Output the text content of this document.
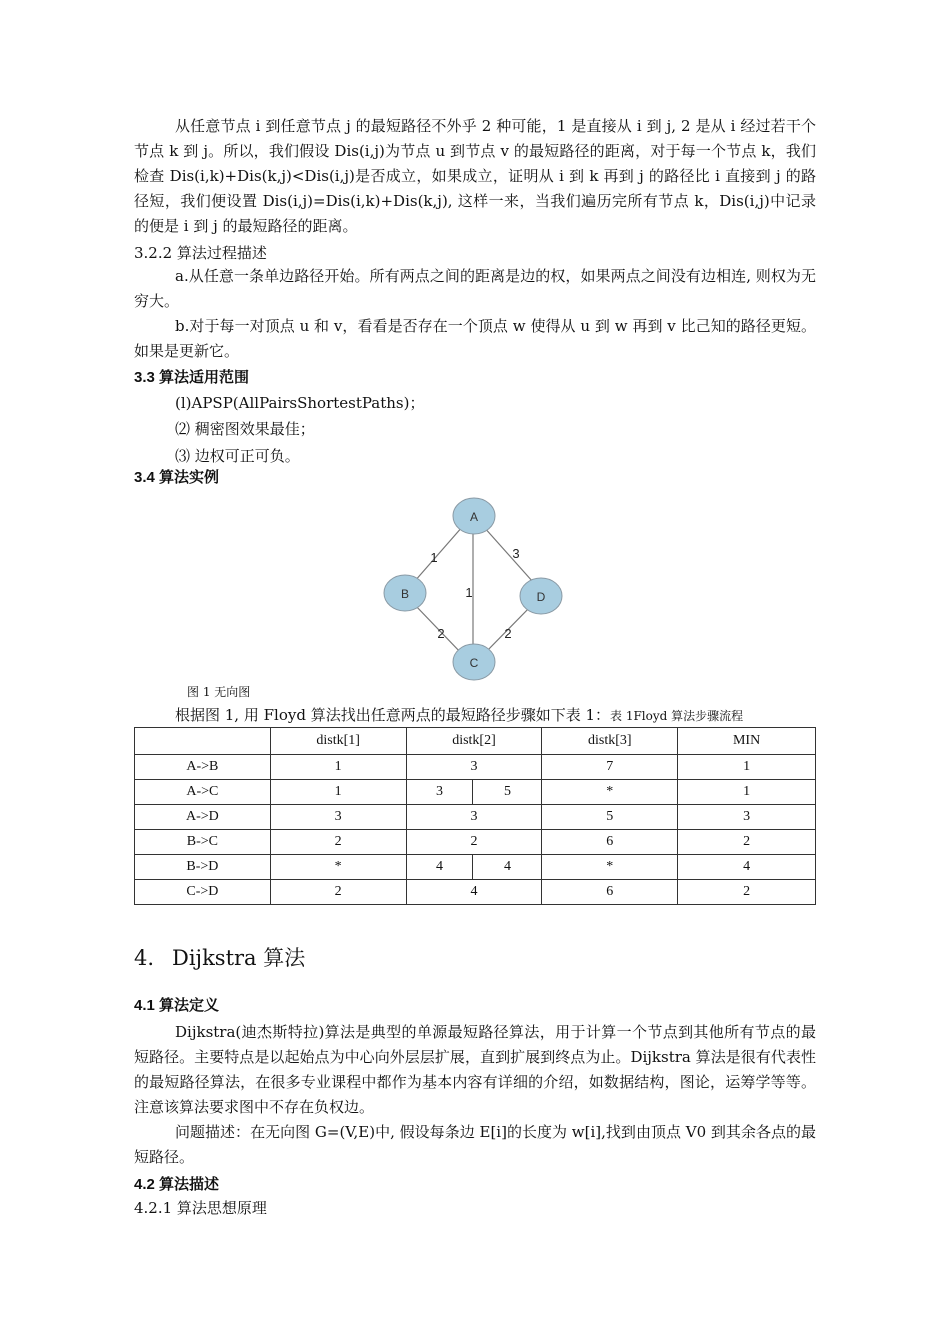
从任意节点 i 到任意节点 j 的最短路径不外乎 2 种可能，1 是直接从 i 到 j, 2 是从 i 经过若干个节点 k 到 j。所以，我们假设 Dis(i,j)为节点 u 到节点 v 的最短路径的距离，对于每一个节点 k，我们检查 Dis(i,k)+Dis(k,j)<Dis(i,j)是否成立，如果成立，证明从 i 到 k 再到 j 的路径比 i 直接到 j 的路径短，我们便设置 Dis(i,j)=Dis(i,k)+Dis(k,j), 这样一来，当我们遍历完所有节点 k，Dis(i,j)中记录的便是 i 到 j 的最短路径的距离。

3.2.2 算法过程描述

a.从任意一条单边路径开始。所有两点之间的距离是边的权，如果两点之间没有边相连, 则权为无穷大。

b.对于每一对顶点 u 和 v，看看是否存在一个顶点 w 使得从 u 到 w 再到 v 比己知的路径更短。如果是更新它。

3.3 算法适用范围

(l)APSP(AllPairsShortestPaths)；

⑵ 稠密图效果最佳；

⑶ 边权可正可负。

3.4 算法实例

1	3
1
2	2
A
B	D
C
图 1 无向图
根据图 1, 用 Floyd 算法找出任意两点的最短路径步骤如下表 1：表 1Floyd 算法步骤流程
	distk[1]	distk[2]		distk[3]	MIN
A->B	1	3		7	1
A->C	1	3	5	*	1
A->D	3	3		5	3
B->C	2	2		6	2
B->D	*	4	4	*	4
C->D	2	4		6	2
4. Dijkstra 算法

4.1 算法定义

Dijkstra(迪杰斯特拉)算法是典型的单源最短路径算法，用于计算一个节点到其他所有节点的最短路径。主要特点是以起始点为中心向外层层扩展，直到扩展到终点为止。Dijkstra 算法是很有代表性的最短路径算法，在很多专业课程中都作为基本内容有详细的介绍，如数据结构，图论，运筹学等等。注意该算法要求图中不存在负权边。

问题描述：在无向图 G=(V,E)中, 假设每条边 E[i]的长度为 w[i],找到由顶点 V0 到其余各点的最短路径。

4.2 算法描述

4.2.1 算法思想原理
